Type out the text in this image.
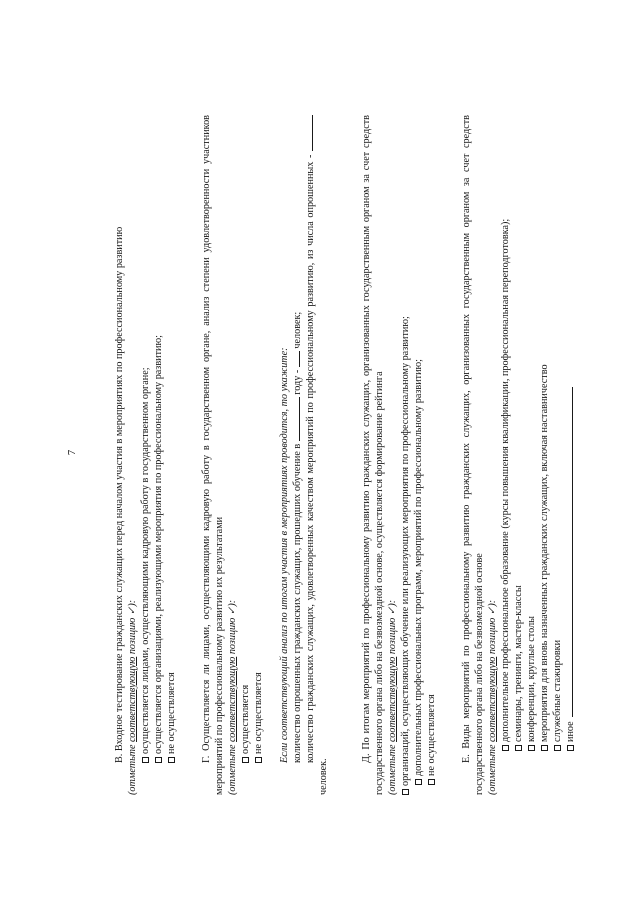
7	В. Входное тестирование гражданских служащих перед началом участия в мероприятиях по профессиональному развитию

(отметьте соответствующую позицию ✓): осуществляется лицами, осуществляющими кадровую работу в государственном органе; осуществляется организациями, реализующими мероприятия по профессиональному развитию; не осуществляется Г. Осуществляется ли лицами, осуществляющими кадровую работу в государственном органе, анализ степени удовлетворенности участников мероприятий по профессиональному развитию их результатами (отметьте соответствующую позицию ✓):

осуществляется не осуществляется Если соответствующий анализ по итогам участия в мероприятиях проводится, то укажите: количество опрошенных гражданских служащих, прошедших обучение в  году -  человек; количество гражданских служащих, удовлетворенных качеством мероприятий по профессиональному развитию, из числа опрошенных -  человек.

Д. По итогам мероприятий по профессиональному развитию гражданских служащих, организованных государственным органом за счет средств государственного органа либо на безвозмездной основе, осуществляется формирование рейтинга (отметьте соответствующую позицию ✓): организаций, осуществляющих обучение или реализующих мероприятия по профессиональному развитию; дополнительных профессиональных программ, мероприятий по профессиональному развитию; не осуществляется Е. Виды мероприятий по профессиональному развитию гражданских служащих, организованных государственным органом за счет средств государственного органа либо на безвозмездной основе (отметьте соответствующую позицию ✓): дополнительное профессиональное образование (курсы повышения квалификации, профессиональная переподготовка); семинары, тренинги, мастер-классы конференции, круглые столы мероприятия для вновь назначенных гражданских служащих, включая наставничество служебные стажировки иное
